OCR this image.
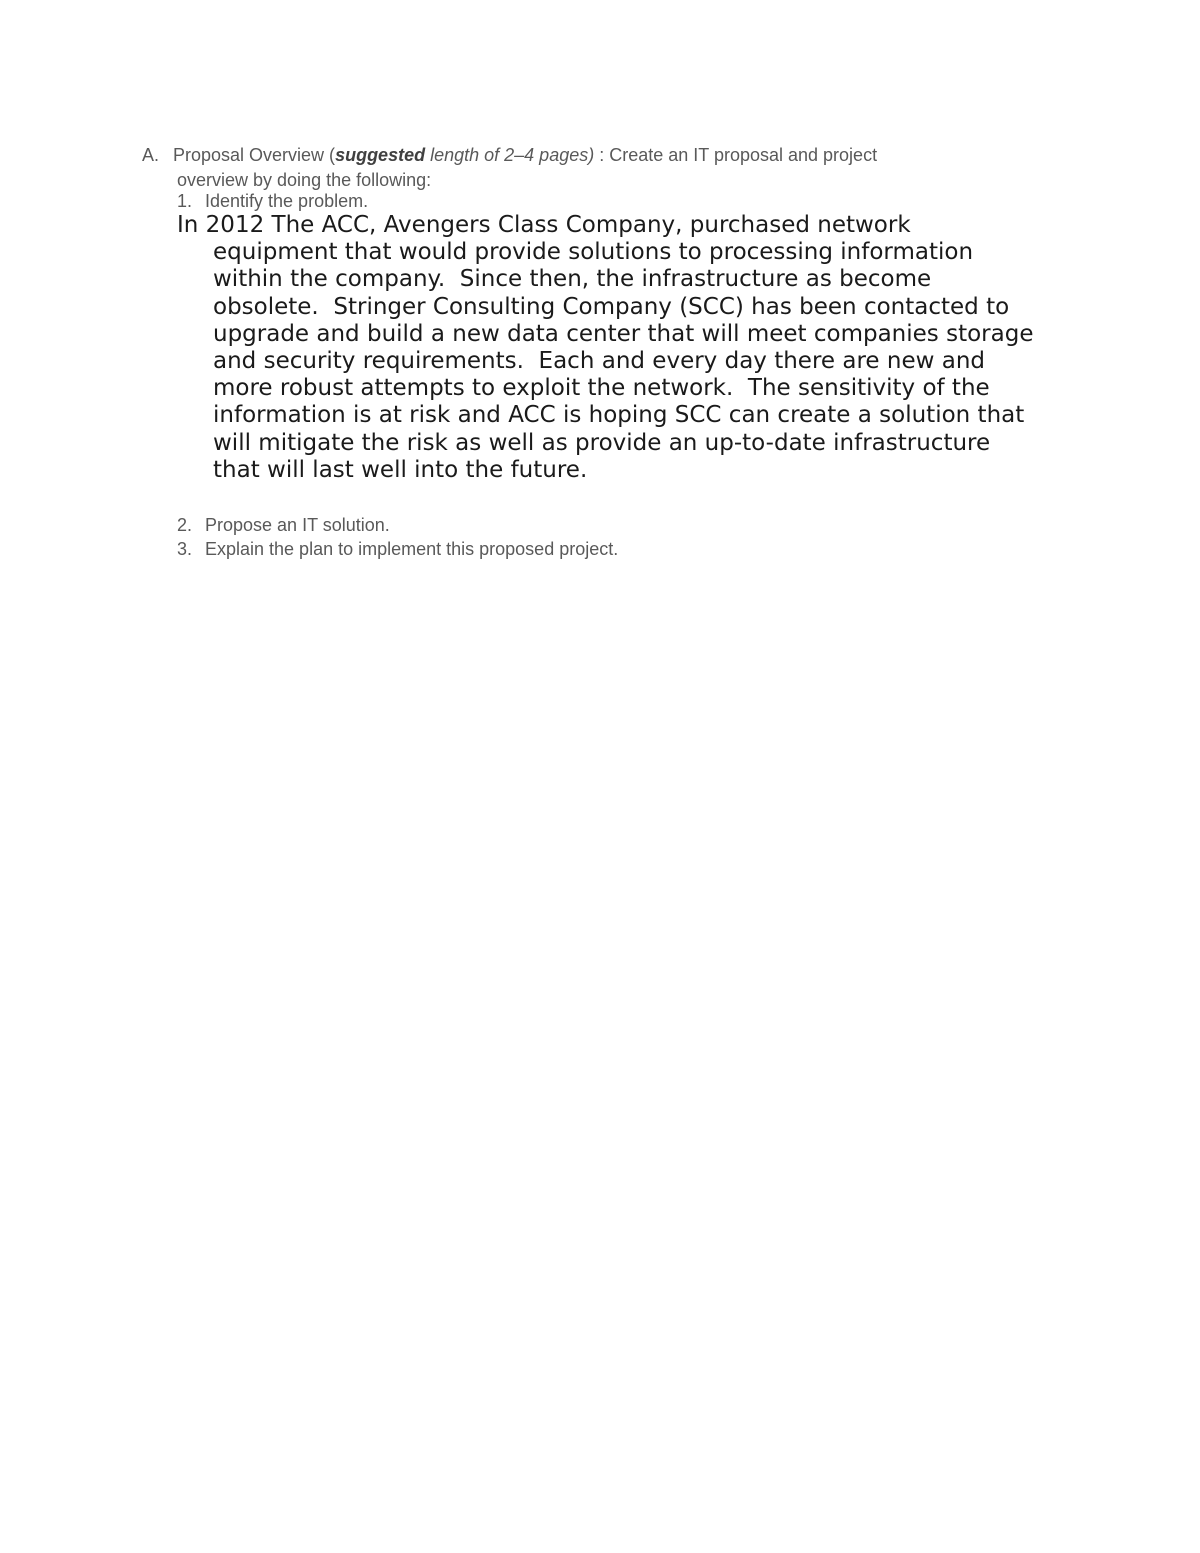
A. Proposal Overview (suggested length of 2–4 pages) : Create an IT proposal and project
overview by doing the following:
1. Identify the problem.
In 2012 The ACC, Avengers Class Company, purchased network
equipment that would provide solutions to processing information
within the company.  Since then, the infrastructure as become
obsolete.  Stringer Consulting Company (SCC) has been contacted to
upgrade and build a new data center that will meet companies storage
and security requirements.  Each and every day there are new and
more robust attempts to exploit the network.  The sensitivity of the
information is at risk and ACC is hoping SCC can create a solution that
will mitigate the risk as well as provide an up-to-date infrastructure
that will last well into the future.
2. Propose an IT solution.
3. Explain the plan to implement this proposed project.
